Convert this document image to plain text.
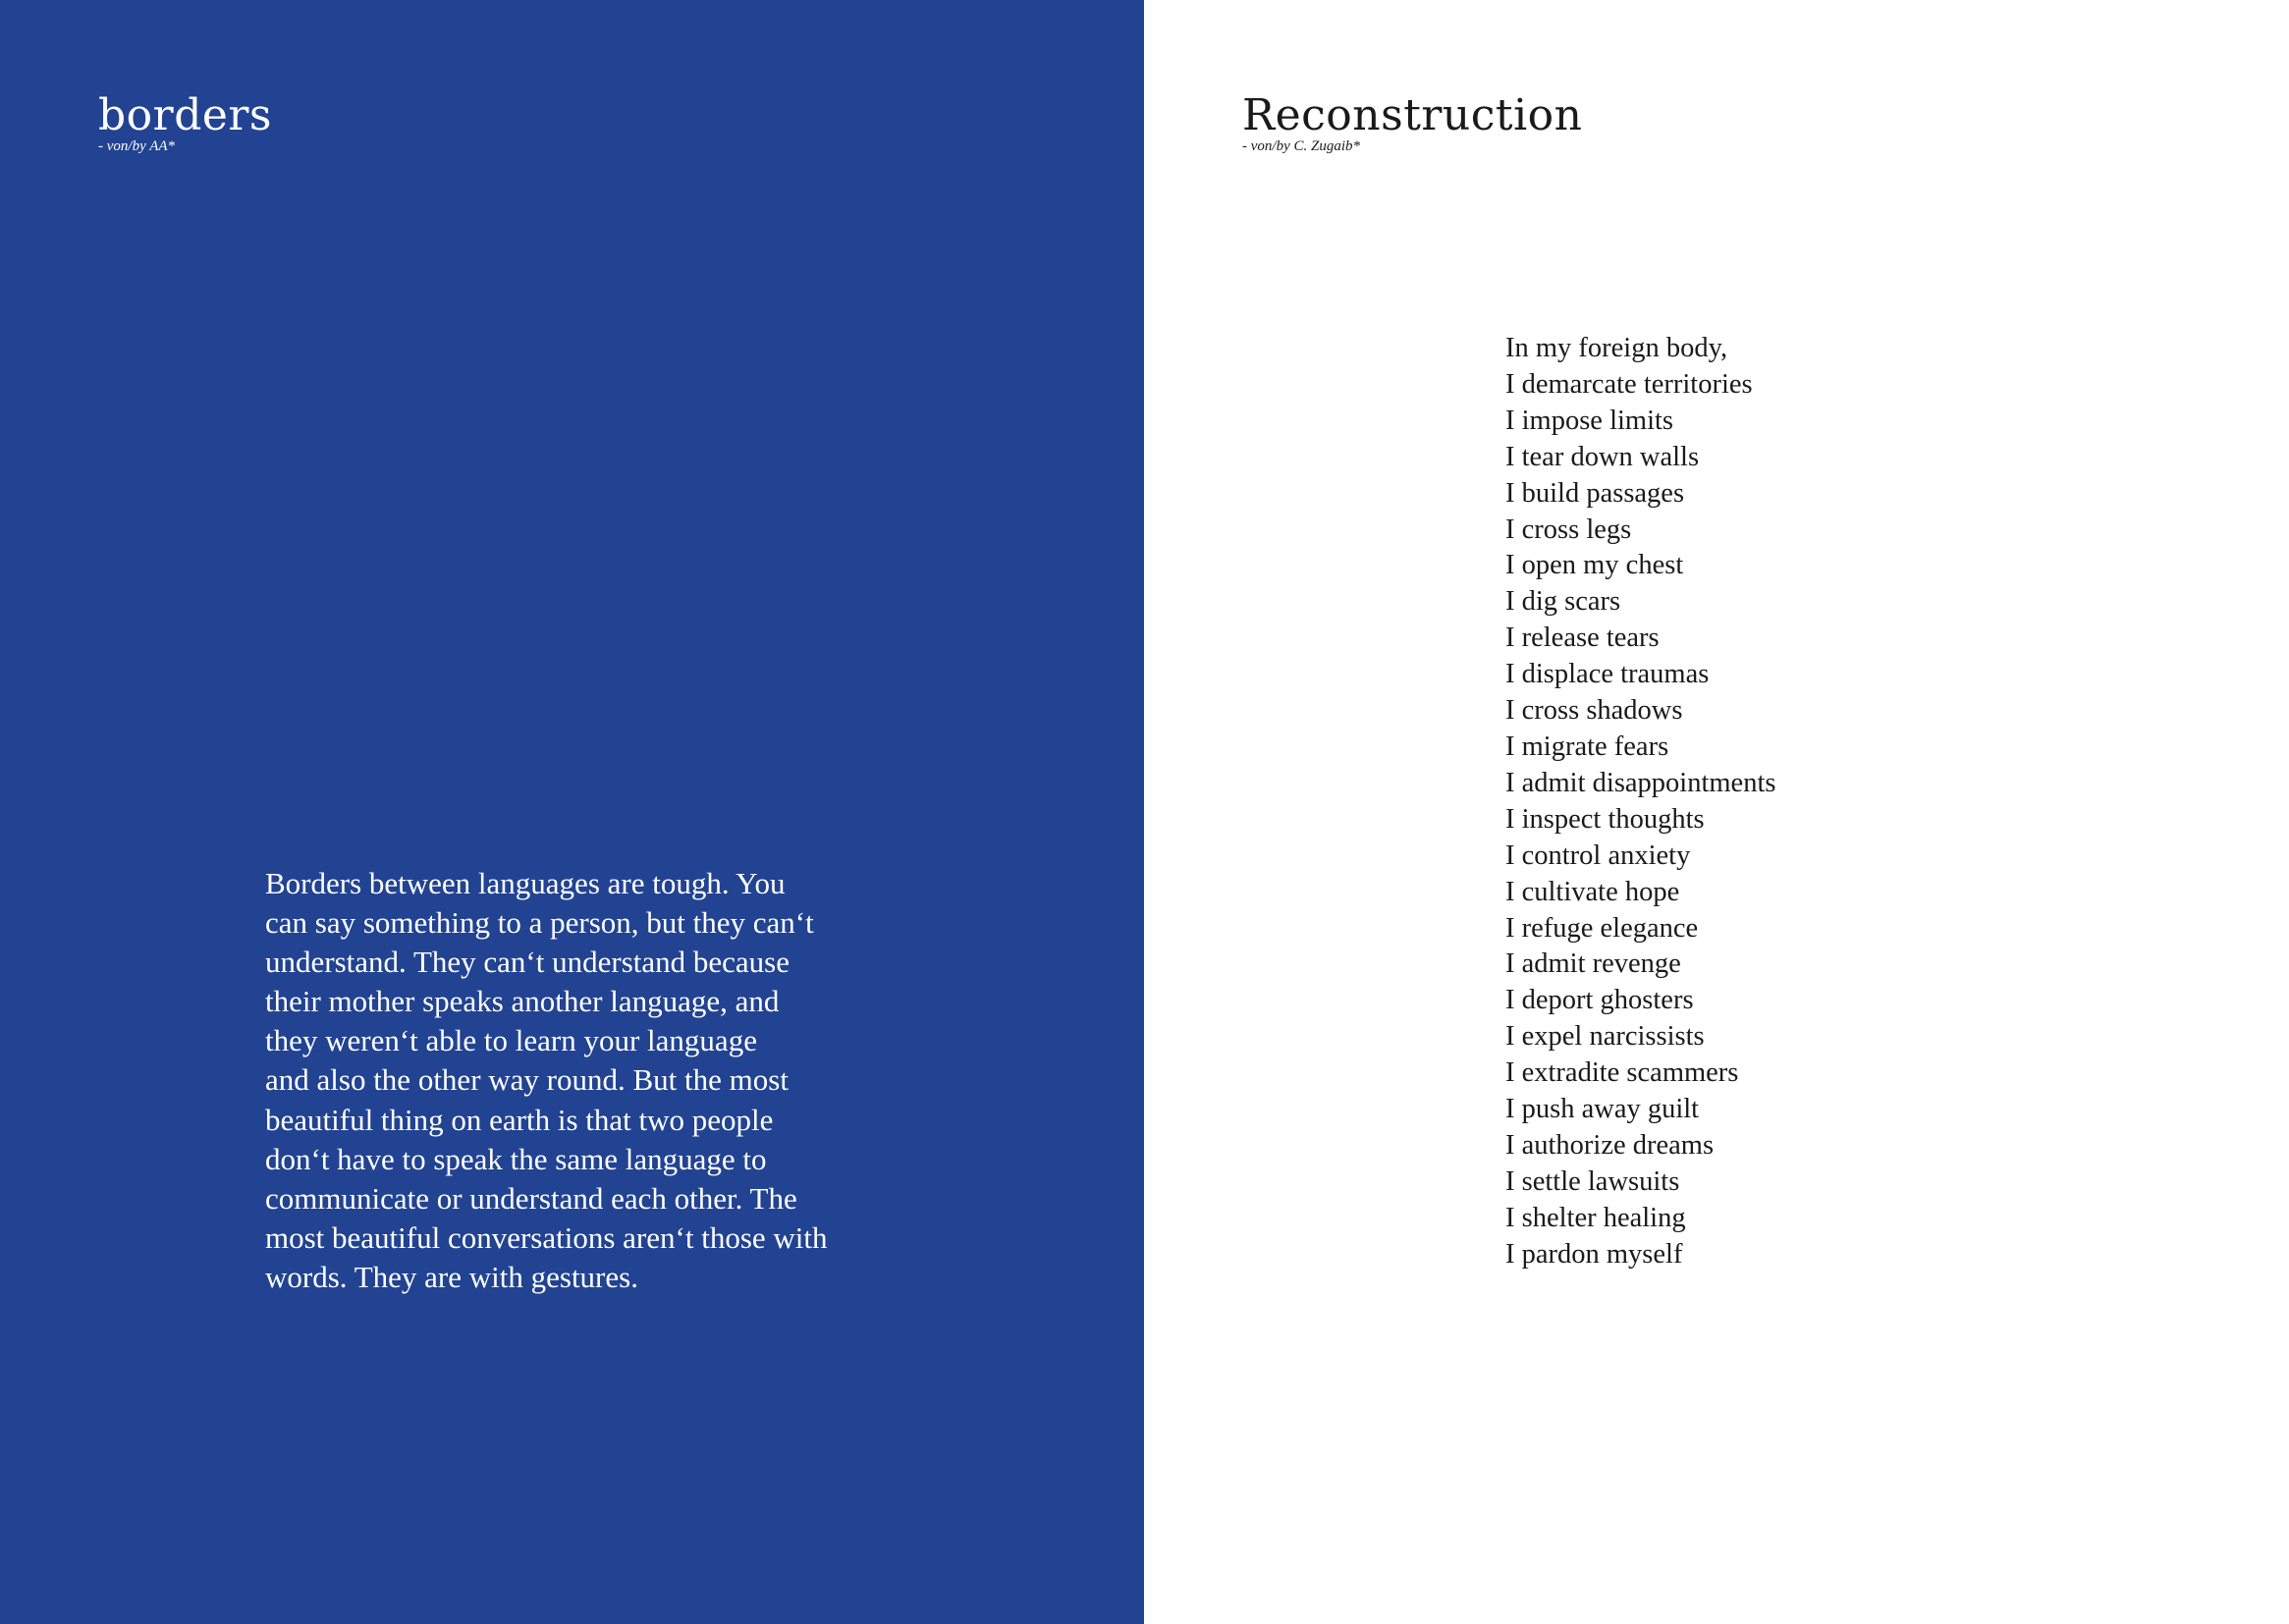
borders

- von/by AA*

Borders between languages are tough. You
can say something to a person, but they can‘t
understand. They can‘t understand because
their mother speaks another language, and
they weren‘t able to learn your language
and also the other way round. But the most
beautiful thing on earth is that two people
don‘t have to speak the same language to
communicate or understand each other. The
most beautiful conversations aren‘t those with
words. They are with gestures.
Reconstruction

- von/by C. Zugaib*

In my foreign body,
I demarcate territories
I impose limits
I tear down walls
I build passages
I cross legs
I open my chest
I dig scars
I release tears
I displace traumas
I cross shadows
I migrate fears
I admit disappointments
I inspect thoughts
I control anxiety
I cultivate hope
I refuge elegance
I admit revenge
I deport ghosters
I expel narcissists
I extradite scammers
I push away guilt
I authorize dreams
I settle lawsuits
I shelter healing
I pardon myself
